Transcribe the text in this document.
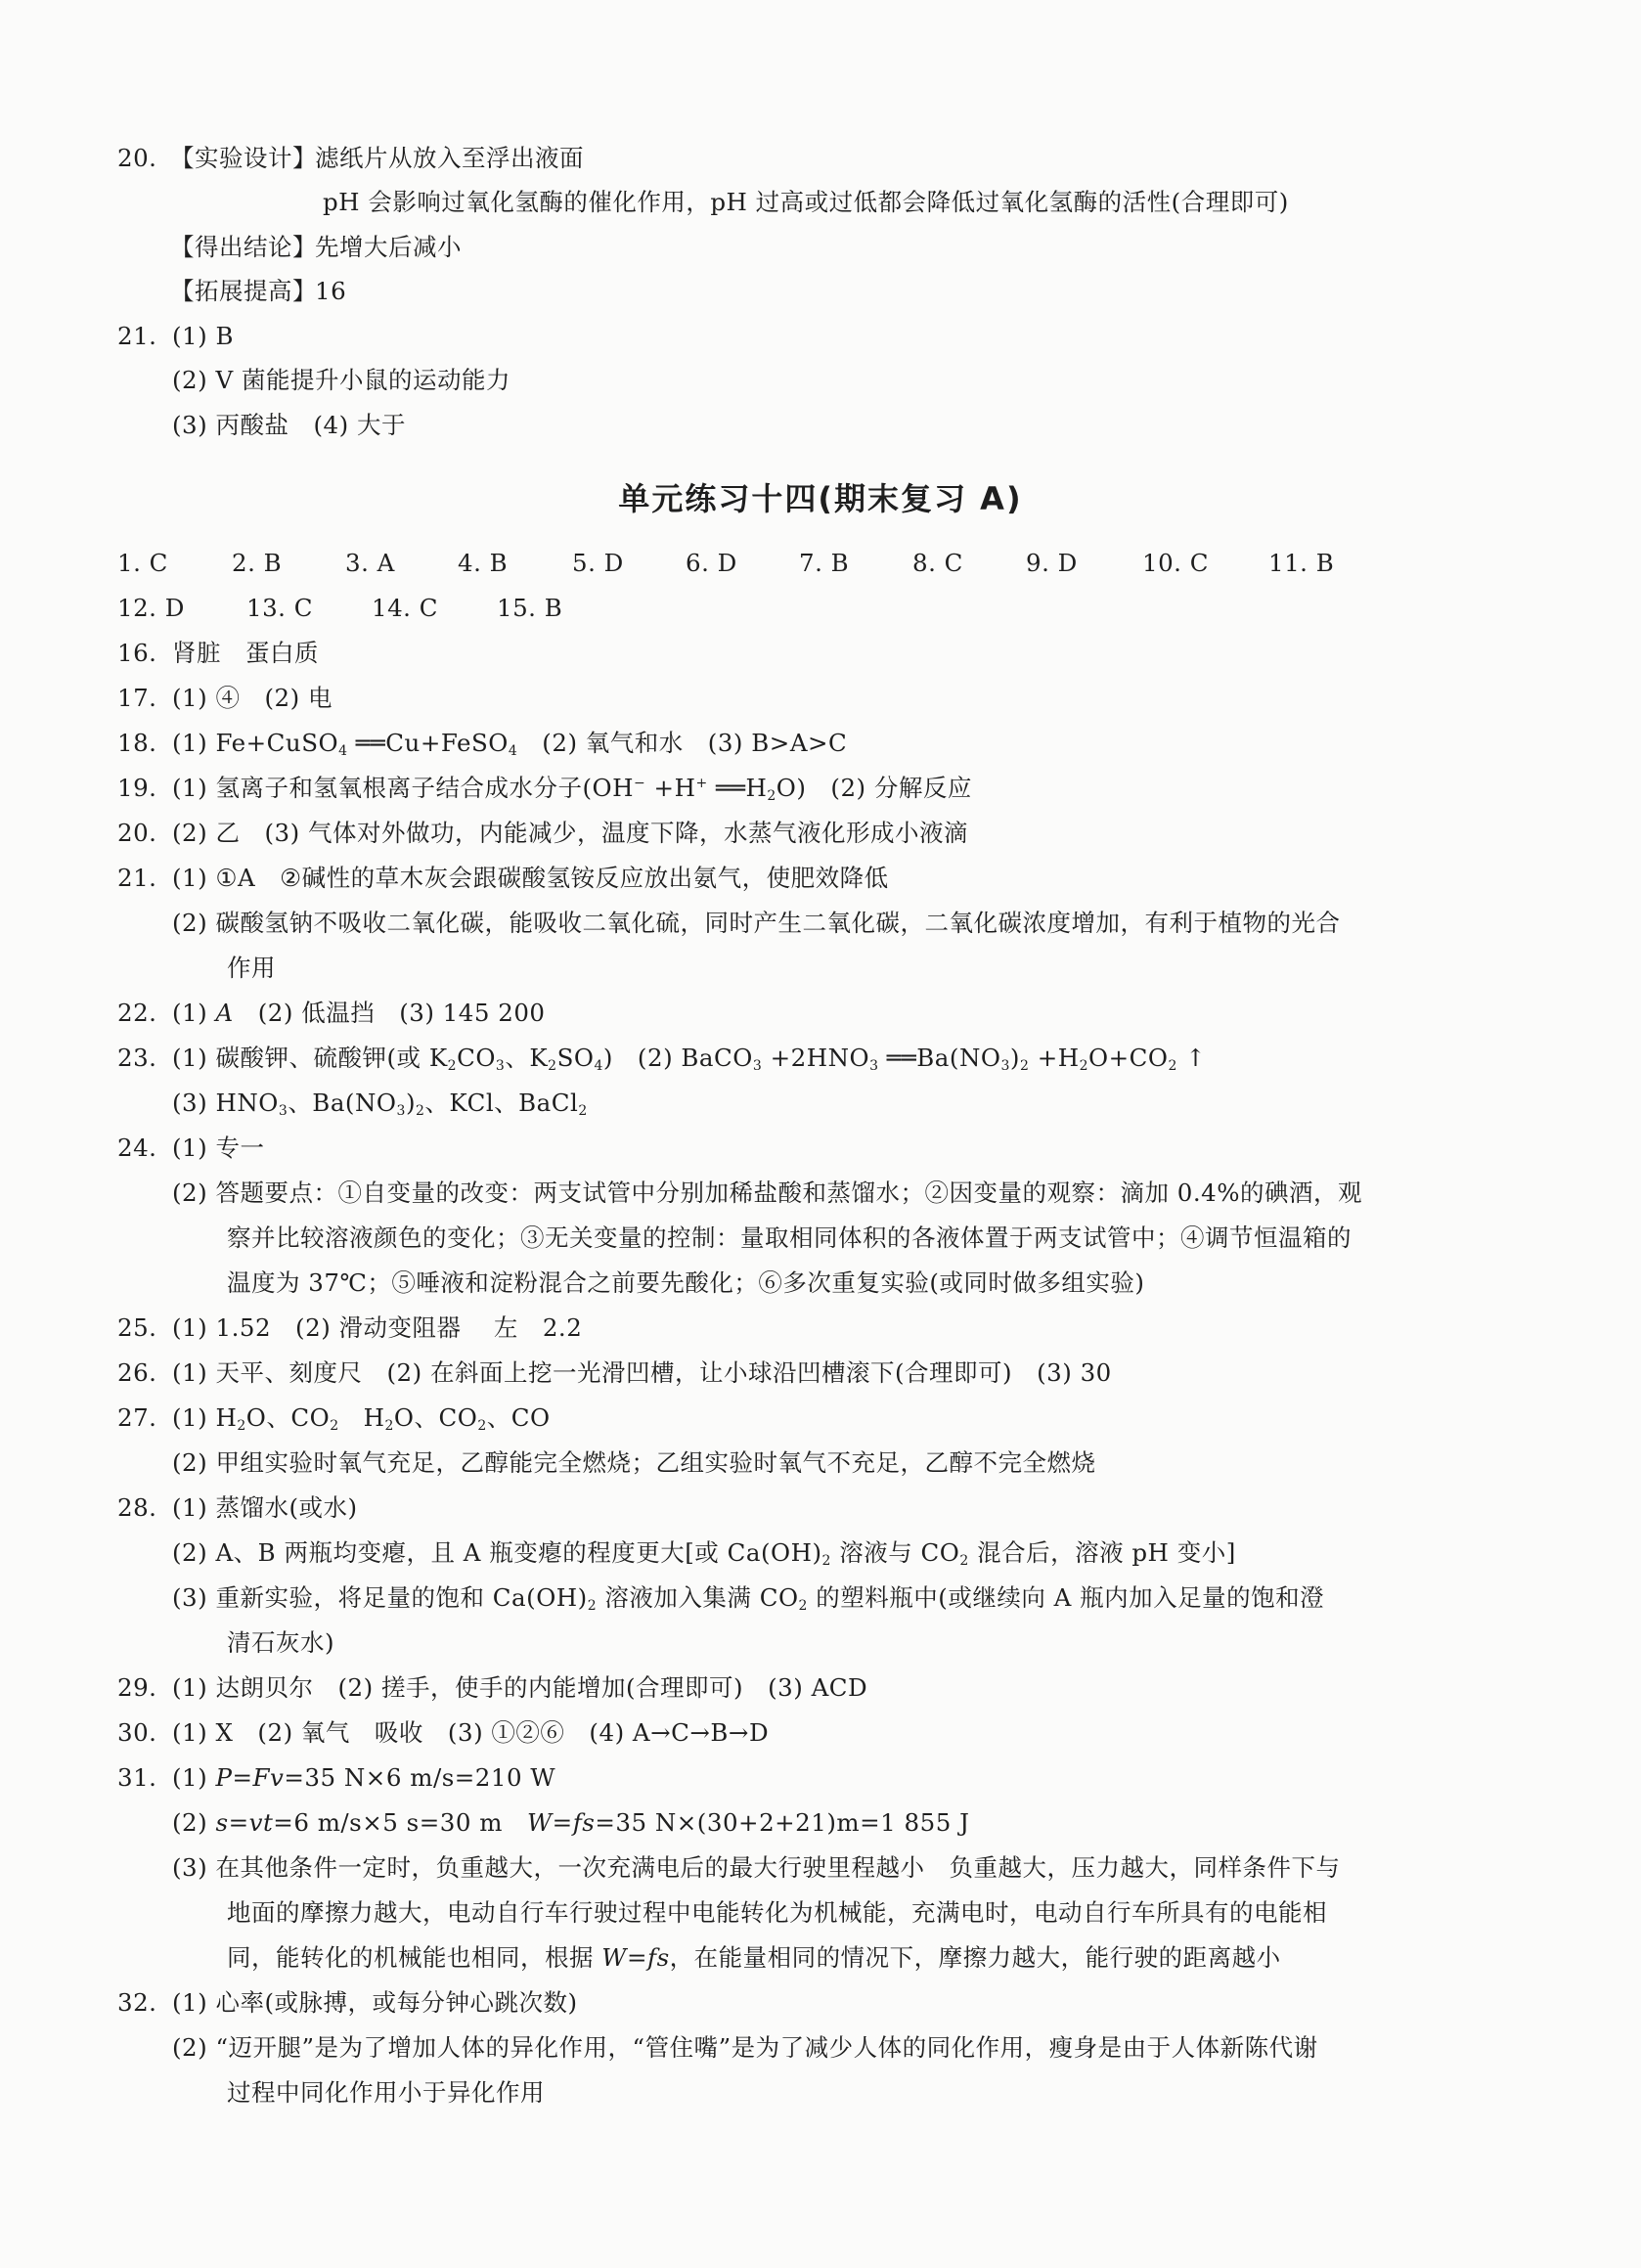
20. 【实验设计】
滤纸片从放入至浮出液面
pH 会影响过氧化氢酶的催化作用，pH 过高或过低都会降低过氧化氢酶的活性(合理即可)
【得出结论】
先增大后减小
【拓展提高】
16
21. (1) B
(2) V 菌能提升小鼠的运动能力
(3) 丙酸盐　(4) 大于
单元练习十四(期末复习 A)
1. C	2. B	3. A	4. B	5. D	6. D	7. B	8. C	9. D	10. C 11. B
12. D	13. C 14. C 15. B
16. 肾脏　蛋白质
17. (1) ④　(2) 电
18. (1) Fe+CuSO$_4$ ══Cu+FeSO$_4$　(2) 氧气和水　(3) B>A>C
19. (1) 氢离子和氢氧根离子结合成水分子(OH− +H+ $══H_2O$)　(2) 分解反应
20. (2) 乙　(3) 气体对外做功，内能减少，温度下降，水蒸气液化形成小液滴
21. (1) ①A　②碱性的草木灰会跟碳酸氢铵反应放出氨气，使肥效降低
(2) 碳酸氢钠不吸收二氧化碳，能吸收二氧化硫，同时产生二氧化碳，二氧化碳浓度增加，有利于植物的光合
作用
22. (1) A　(2) 低温挡　(3) 145 200
23. (1) 碳酸钾、硫酸钾(或 $K_2CO_3$、$K_2SO_4$)　(2) BaCO$_3$ $+2HNO_3$ $══Ba(NO_3)_2 +H_2O+CO_2$ ↑
(3) $HNO_3$、$Ba(NO_3)_2$、KCl、BaCl$_2$
24. (1) 专一
(2) 答题要点：①自变量的改变：两支试管中分别加稀盐酸和蒸馏水；②因变量的观察：滴加 0.4%的碘酒，观
察并比较溶液颜色的变化；③无关变量的控制：量取相同体积的各液体置于两支试管中；④调节恒温箱的
温度为 37℃；⑤唾液和淀粉混合之前要先酸化；⑥多次重复实验(或同时做多组实验)
25. (1) 1.52　(2) 滑动变阻器　 左　2.2
26. (1) 天平、刻度尺　(2) 在斜面上挖一光滑凹槽，让小球沿凹槽滚下(合理即可)　(3) 30
27. (1) $H_2O$、$CO_2$　$H_2O$、$CO_2$、CO
(2) 甲组实验时氧气充足，乙醇能完全燃烧；乙组实验时氧气不充足，乙醇不完全燃烧
28. (1) 蒸馏水(或水)
(2) A、B 两瓶均变瘪，且 A 瓶变瘪的程度更大[或 $Ca(OH)_2$ 溶液与 $CO_2$ 混合后，溶液 pH 变小]
(3) 重新实验，将足量的饱和 $Ca(OH)_2$ 溶液加入集满 $CO_2$ 的塑料瓶中(或继续向 A 瓶内加入足量的饱和澄
清石灰水)
29. (1) 达朗贝尔　(2) 搓手，使手的内能增加(合理即可)　(3) ACD
30. (1) X　(2) 氧气　吸收　(3) ①②⑥　(4) A→C→B→D
31. (1) P=Fv=35 N×6 m/s=210 W
(2) s=vt=6 m/s×5 s=30 m　W=fs=35 N×(30+2+21)m=1 855 J
(3) 在其他条件一定时，负重越大，一次充满电后的最大行驶里程越小　负重越大，压力越大，同样条件下与
地面的摩擦力越大，电动自行车行驶过程中电能转化为机械能，充满电时，电动自行车所具有的电能相
同，能转化的机械能也相同，根据 W=fs，在能量相同的情况下，摩擦力越大，能行驶的距离越小
32. (1) 心率(或脉搏，或每分钟心跳次数)
(2) “迈开腿”是为了增加人体的异化作用，“管住嘴”是为了减少人体的同化作用，瘦身是由于人体新陈代谢
过程中同化作用小于异化作用
